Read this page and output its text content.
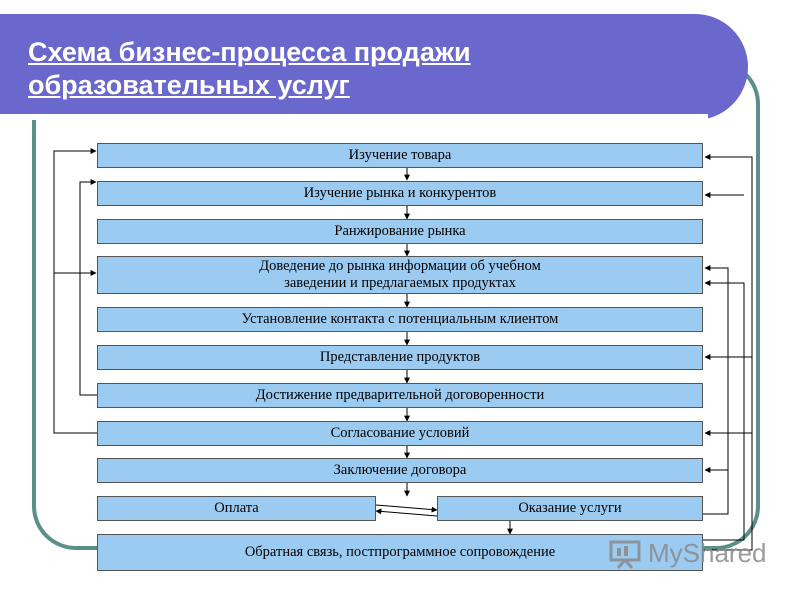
Схема бизнес-процесса продажи
образовательных услуг
Изучение товара
Изучение рынка и конкурентов
Ранжирование рынка
Доведение до рынка информации об учебном
заведении и предлагаемых продуктах
Установление контакта с потенциальным клиентом
Представление продуктов
Достижение предварительной договоренности
Согласование условий
Заключение договора
Оплата	Оказание услуги
Обратная связь, постпрограммное сопровождение	MyShared
